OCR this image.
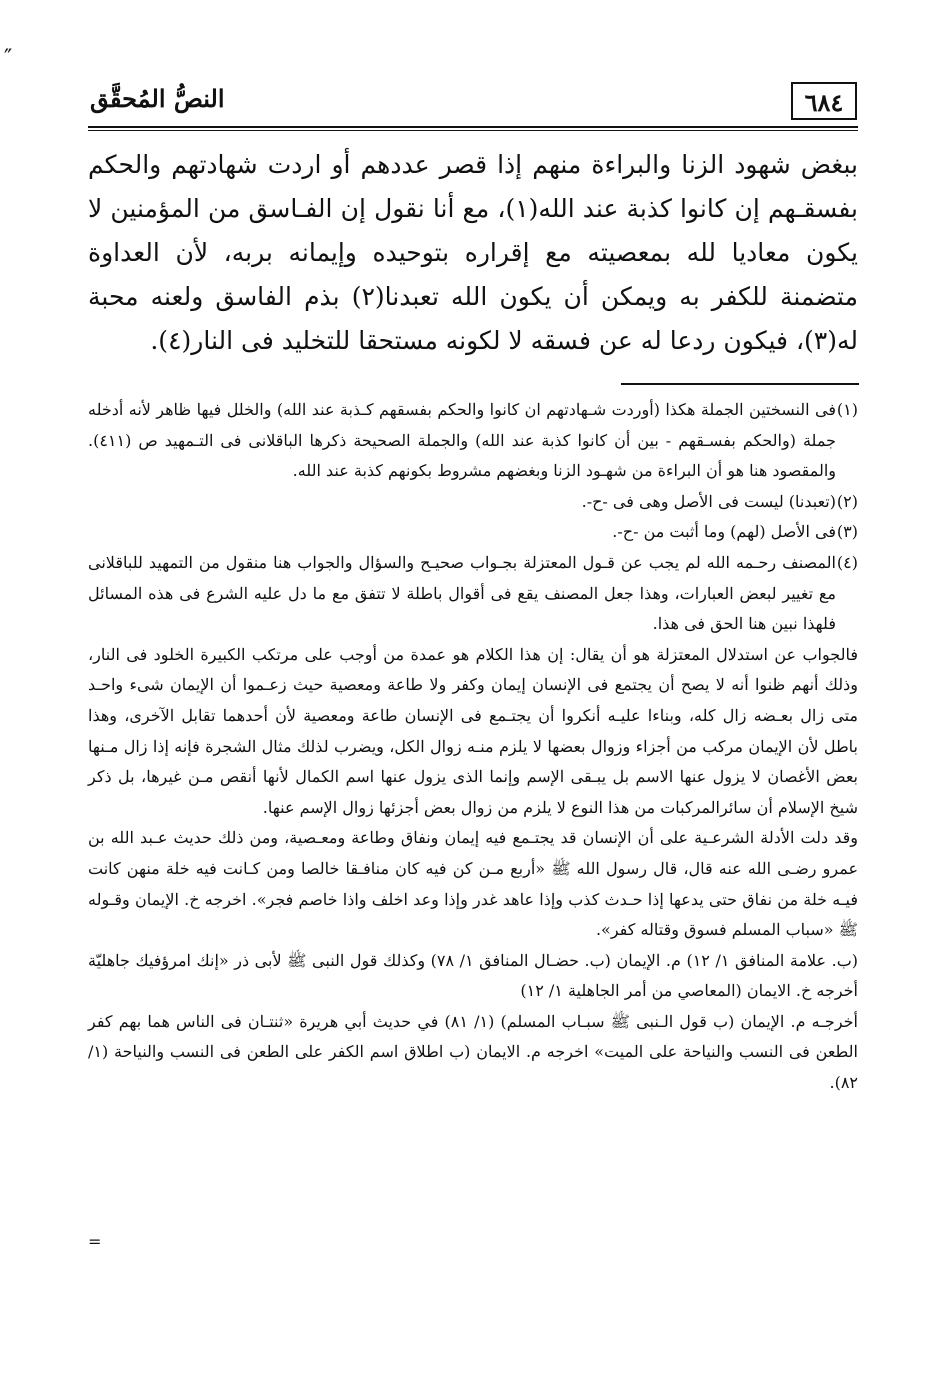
″
٦٨٤
النصُّ المُحقَّق

ببغض شهود الزنا والبراءة منهم إذا قصر عددهم أو اردت شهادتهم والحكم بفسقـهم إن كانوا كذبة عند الله(١)، مع أنا نقول إن الفـاسق من المؤمنين لا يكون معاديا لله بمعصيته مع إقراره بتوحيده وإيمانه بربه، لأن العداوة متضمنة للكفر به ويمكن أن يكون الله تعبدنا(٢) بذم الفاسق ولعنه محبة له(٣)، فيكون ردعا له عن فسقه لا لكونه مستحقا للتخليد فى النار(٤).

(١)فى النسختين الجملة هكذا (أوردت شـهادتهم ان كانوا والحكم بفسقهم كـذبة عند الله) والخلل فيها ظاهر لأنه أدخله جملة (والحكم بفسـقهم - بين أن كانوا كذبة عند الله) والجملة الصحيحة ذكرها الباقلانى فى التـمهيد ص (٤١١). والمقصود هنا هو أن البراءة من شهـود الزنا وبغضهم مشروط بكونهم كذبة عند الله.

(٢)(تعبدنا) ليست فى الأصل وهى فى -ح-.

(٣)فى الأصل (لهم) وما أثبت من -ح-.

(٤)المصنف رحـمه الله لم يجب عن قـول المعتزلة بجـواب صحيـح والسؤال والجواب هنا منقول من التمهيد للباقلانى مع تغيير لبعض العبارات، وهذا جعل المصنف يقع فى أقوال باطلة لا تتفق مع ما دل عليه الشرع فى هذه المسائل فلهذا نبين هنا الحق فى هذا.

فالجواب عن استدلال المعتزلة هو أن يقال: إن هذا الكلام هو عمدة من أوجب على مرتكب الكبيرة الخلود فى النار، وذلك أنهم ظنوا أنه لا يصح أن يجتمع فى الإنسان إيمان وكفر ولا طاعة ومعصية حيث زعـموا أن الإيمان شىء واحـد متى زال بعـضه زال كله، وبناءا عليـه أنكروا أن يجتـمع فى الإنسان طاعة ومعصية لأن أحدهما تقابل الآخرى، وهذا باطل لأن الإيمان مركب من أجزاء وزوال بعضها لا يلزم منـه زوال الكل، ويضرب لذلك مثال الشجرة فإنه إذا زال مـنها بعض الأغصان لا يزول عنها الاسم بل يبـقى الإسم وإنما الذى يزول عنها اسم الكمال لأنها أنقص مـن غيرها، بل ذكر شيخ الإسلام أن سائرالمركبات من هذا النوع لا يلزم من زوال بعض أجزئها زوال الإسم عنها.

وقد دلت الأدلة الشرعـية على أن الإنسان قد يجتـمع فيه إيمان ونفاق وطاعة ومعـصية، ومن ذلك حديث عـبد الله بن عمرو رضـى الله عنه قال، قال رسول الله ﷺ «أربع مـن كن فيه كان منافـقا خالصا ومن كـانت فيه خلة منهن كانت فيـه خلة من نفاق حتى يدعها إذا حـدث كذب وإذا عاهد غدر وإذا وعد اخلف واذا خاصم فجر». اخرجه خ. الإيمان وقـوله ﷺ «سباب المسلم فسوق وقتاله كفر».

(ب. علامة المنافق ١/ ١٢) م. الإيمان (ب. حضـال المنافق ١/ ٧٨) وكذلك قول النبى ﷺ لأبى ذر «إنك امرؤفيك جاهليّة أخرجه خ. الايمان (المعاصي من أمر الجاهلية ١/ ١٢)

أخرجـه م. الإيمان (ب قول الـنبى ﷺ سبـاب المسلم) (١/ ٨١) في حديث أبي هريرة «ثنتـان فى الناس هما بهم كفر الطعن فى النسب والنياحة على الميت» اخرجه م. الايمان (ب اطلاق اسم الكفر على الطعن فى النسب والنياحة (١/ ٨٢).

=
